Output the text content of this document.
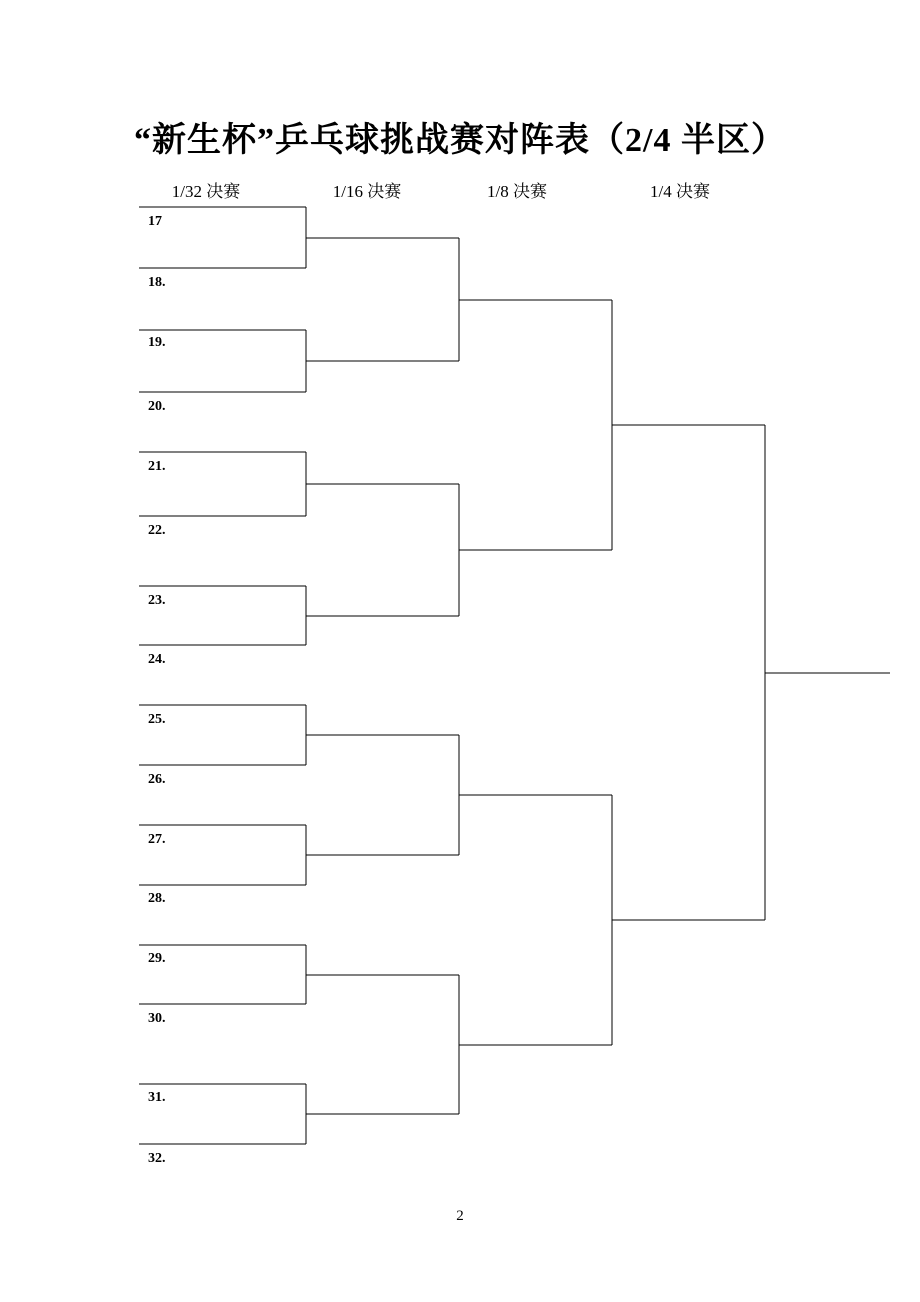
“新生杯”乒乓球挑战赛对阵表（2/4 半区）
1/32 决赛	1/16 决赛	1/8 决赛	1/4 决赛
17
18.
19.
20.
21.
22.
23.
24.
25.
26.
27.
28.
29.
30.
31.
32.
2
